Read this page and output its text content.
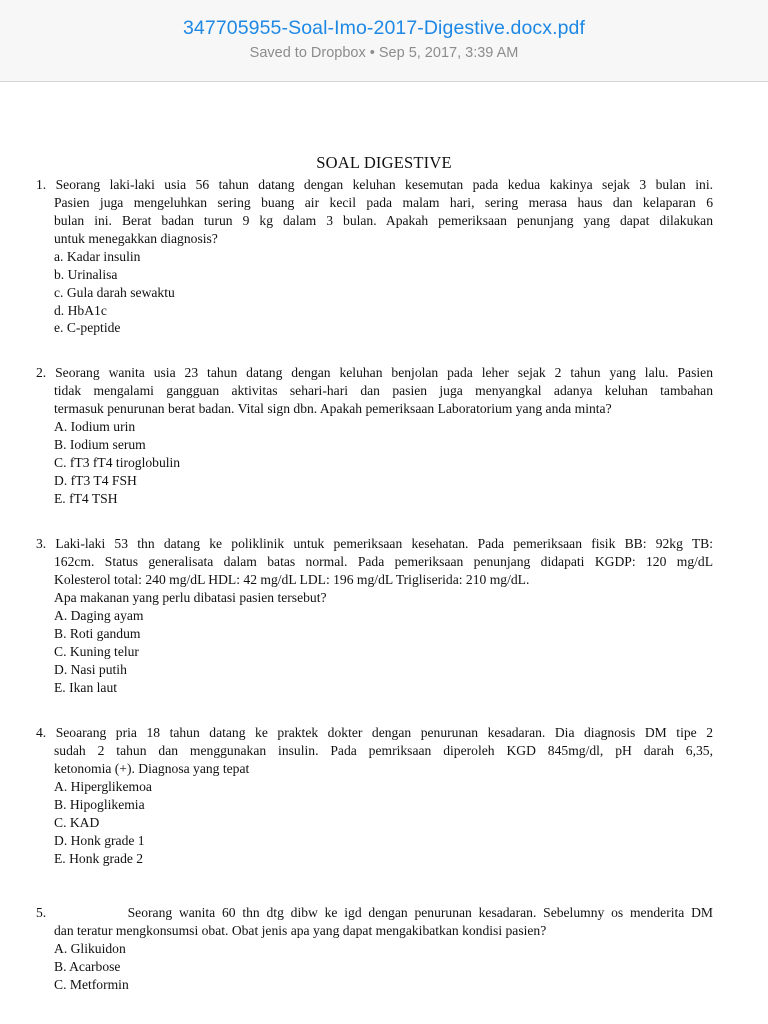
347705955-Soal-Imo-2017-Digestive.docx.pdf
Saved to Dropbox • Sep 5, 2017, 3:39 AM
SOAL DIGESTIVE
1. Seorang laki-laki usia 56 tahun datang dengan keluhan kesemutan pada kedua kakinya sejak 3 bulan ini.
Pasien juga mengeluhkan sering buang air kecil pada malam hari, sering merasa haus dan kelaparan 6
bulan ini. Berat badan turun 9 kg dalam 3 bulan. Apakah pemeriksaan penunjang yang dapat dilakukan
untuk menegakkan diagnosis?
a. Kadar insulin
b. Urinalisa
c. Gula darah sewaktu
d. HbA1c
e. C-peptide
2. Seorang wanita usia 23 tahun datang dengan keluhan benjolan pada leher sejak 2 tahun yang lalu. Pasien
tidak mengalami gangguan aktivitas sehari-hari dan pasien juga menyangkal adanya keluhan tambahan
termasuk penurunan berat badan. Vital sign dbn. Apakah pemeriksaan Laboratorium yang anda minta?
A. Iodium urin
B. Iodium serum
C. fT3 fT4 tiroglobulin
D. fT3 T4 FSH
E. fT4 TSH
3. Laki-laki 53 thn datang ke poliklinik untuk pemeriksaan kesehatan. Pada pemeriksaan fisik BB: 92kg TB:
162cm. Status generalisata dalam batas normal. Pada pemeriksaan penunjang didapati KGDP: 120 mg/dL
Kolesterol total: 240 mg/dL HDL: 42 mg/dL LDL: 196 mg/dL Trigliserida: 210 mg/dL.
Apa makanan yang perlu dibatasi pasien tersebut?
A. Daging ayam
B. Roti gandum
C. Kuning telur
D. Nasi putih
E. Ikan laut
4. Seoarang pria 18 tahun datang ke praktek dokter dengan penurunan kesadaran. Dia diagnosis DM tipe 2
sudah 2 tahun dan menggunakan insulin. Pada pemriksaan diperoleh KGD 845mg/dl, pH darah 6,35,
ketonomia (+). Diagnosa yang tepat
A. Hiperglikemoa
B. Hipoglikemia
C. KAD
D. Honk grade 1
E. Honk grade 2
5.            Seorang wanita 60 thn dtg dibw ke igd dengan penurunan kesadaran. Sebelumny os menderita DM
dan teratur mengkonsumsi obat. Obat jenis apa yang dapat mengakibatkan kondisi pasien?
A. Glikuidon
B. Acarbose
C. Metformin
